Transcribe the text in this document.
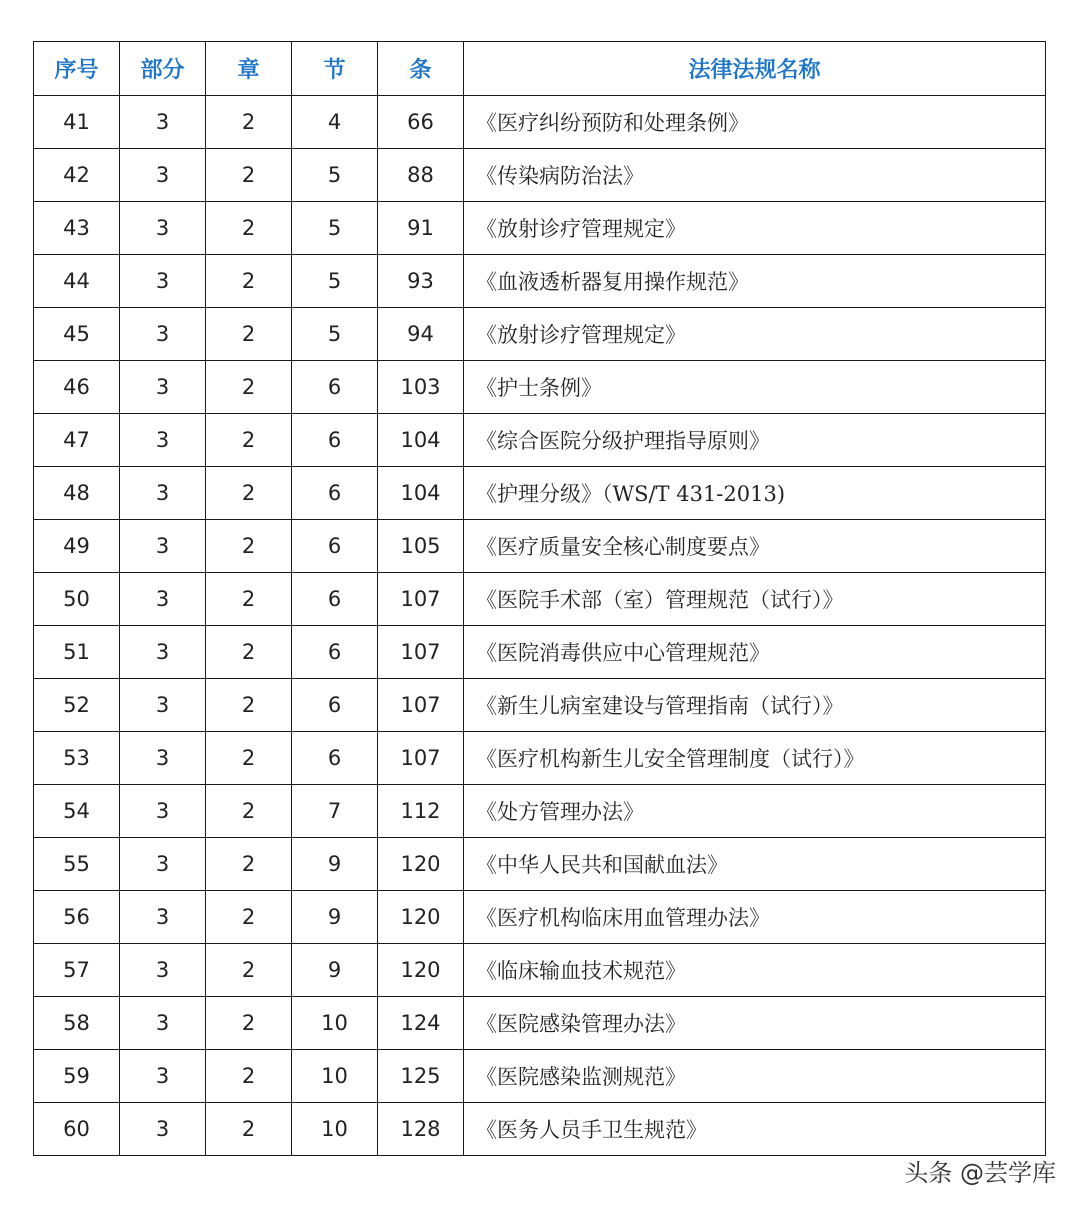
序号	部分	章	节	条	法律法规名称
41	3	2	4	66	《医疗纠纷预防和处理条例》
42	3	2	5	88	《传染病防治法》
43	3	2	5	91	《放射诊疗管理规定》
44	3	2	5	93	《血液透析器复用操作规范》
45	3	2	5	94	《放射诊疗管理规定》
46	3	2	6	103	《护士条例》
47	3	2	6	104	《综合医院分级护理指导原则》
48	3	2	6	104	《护理分级》（WS/T 431-2013)
49	3	2	6	105	《医疗质量安全核心制度要点》
50	3	2	6	107	《医院手术部（室）管理规范（试行）》
51	3	2	6	107	《医院消毒供应中心管理规范》
52	3	2	6	107	《新生儿病室建设与管理指南（试行）》
53	3	2	6	107	《医疗机构新生儿安全管理制度（试行）》
54	3	2	7	112	《处方管理办法》
55	3	2	9	120	《中华人民共和国献血法》
56	3	2	9	120	《医疗机构临床用血管理办法》
57	3	2	9	120	《临床输血技术规范》
58	3	2	10	124	《医院感染管理办法》
59	3	2	10	125	《医院感染监测规范》
60	3	2	10	128	《医务人员手卫生规范》
头条 @芸学库
